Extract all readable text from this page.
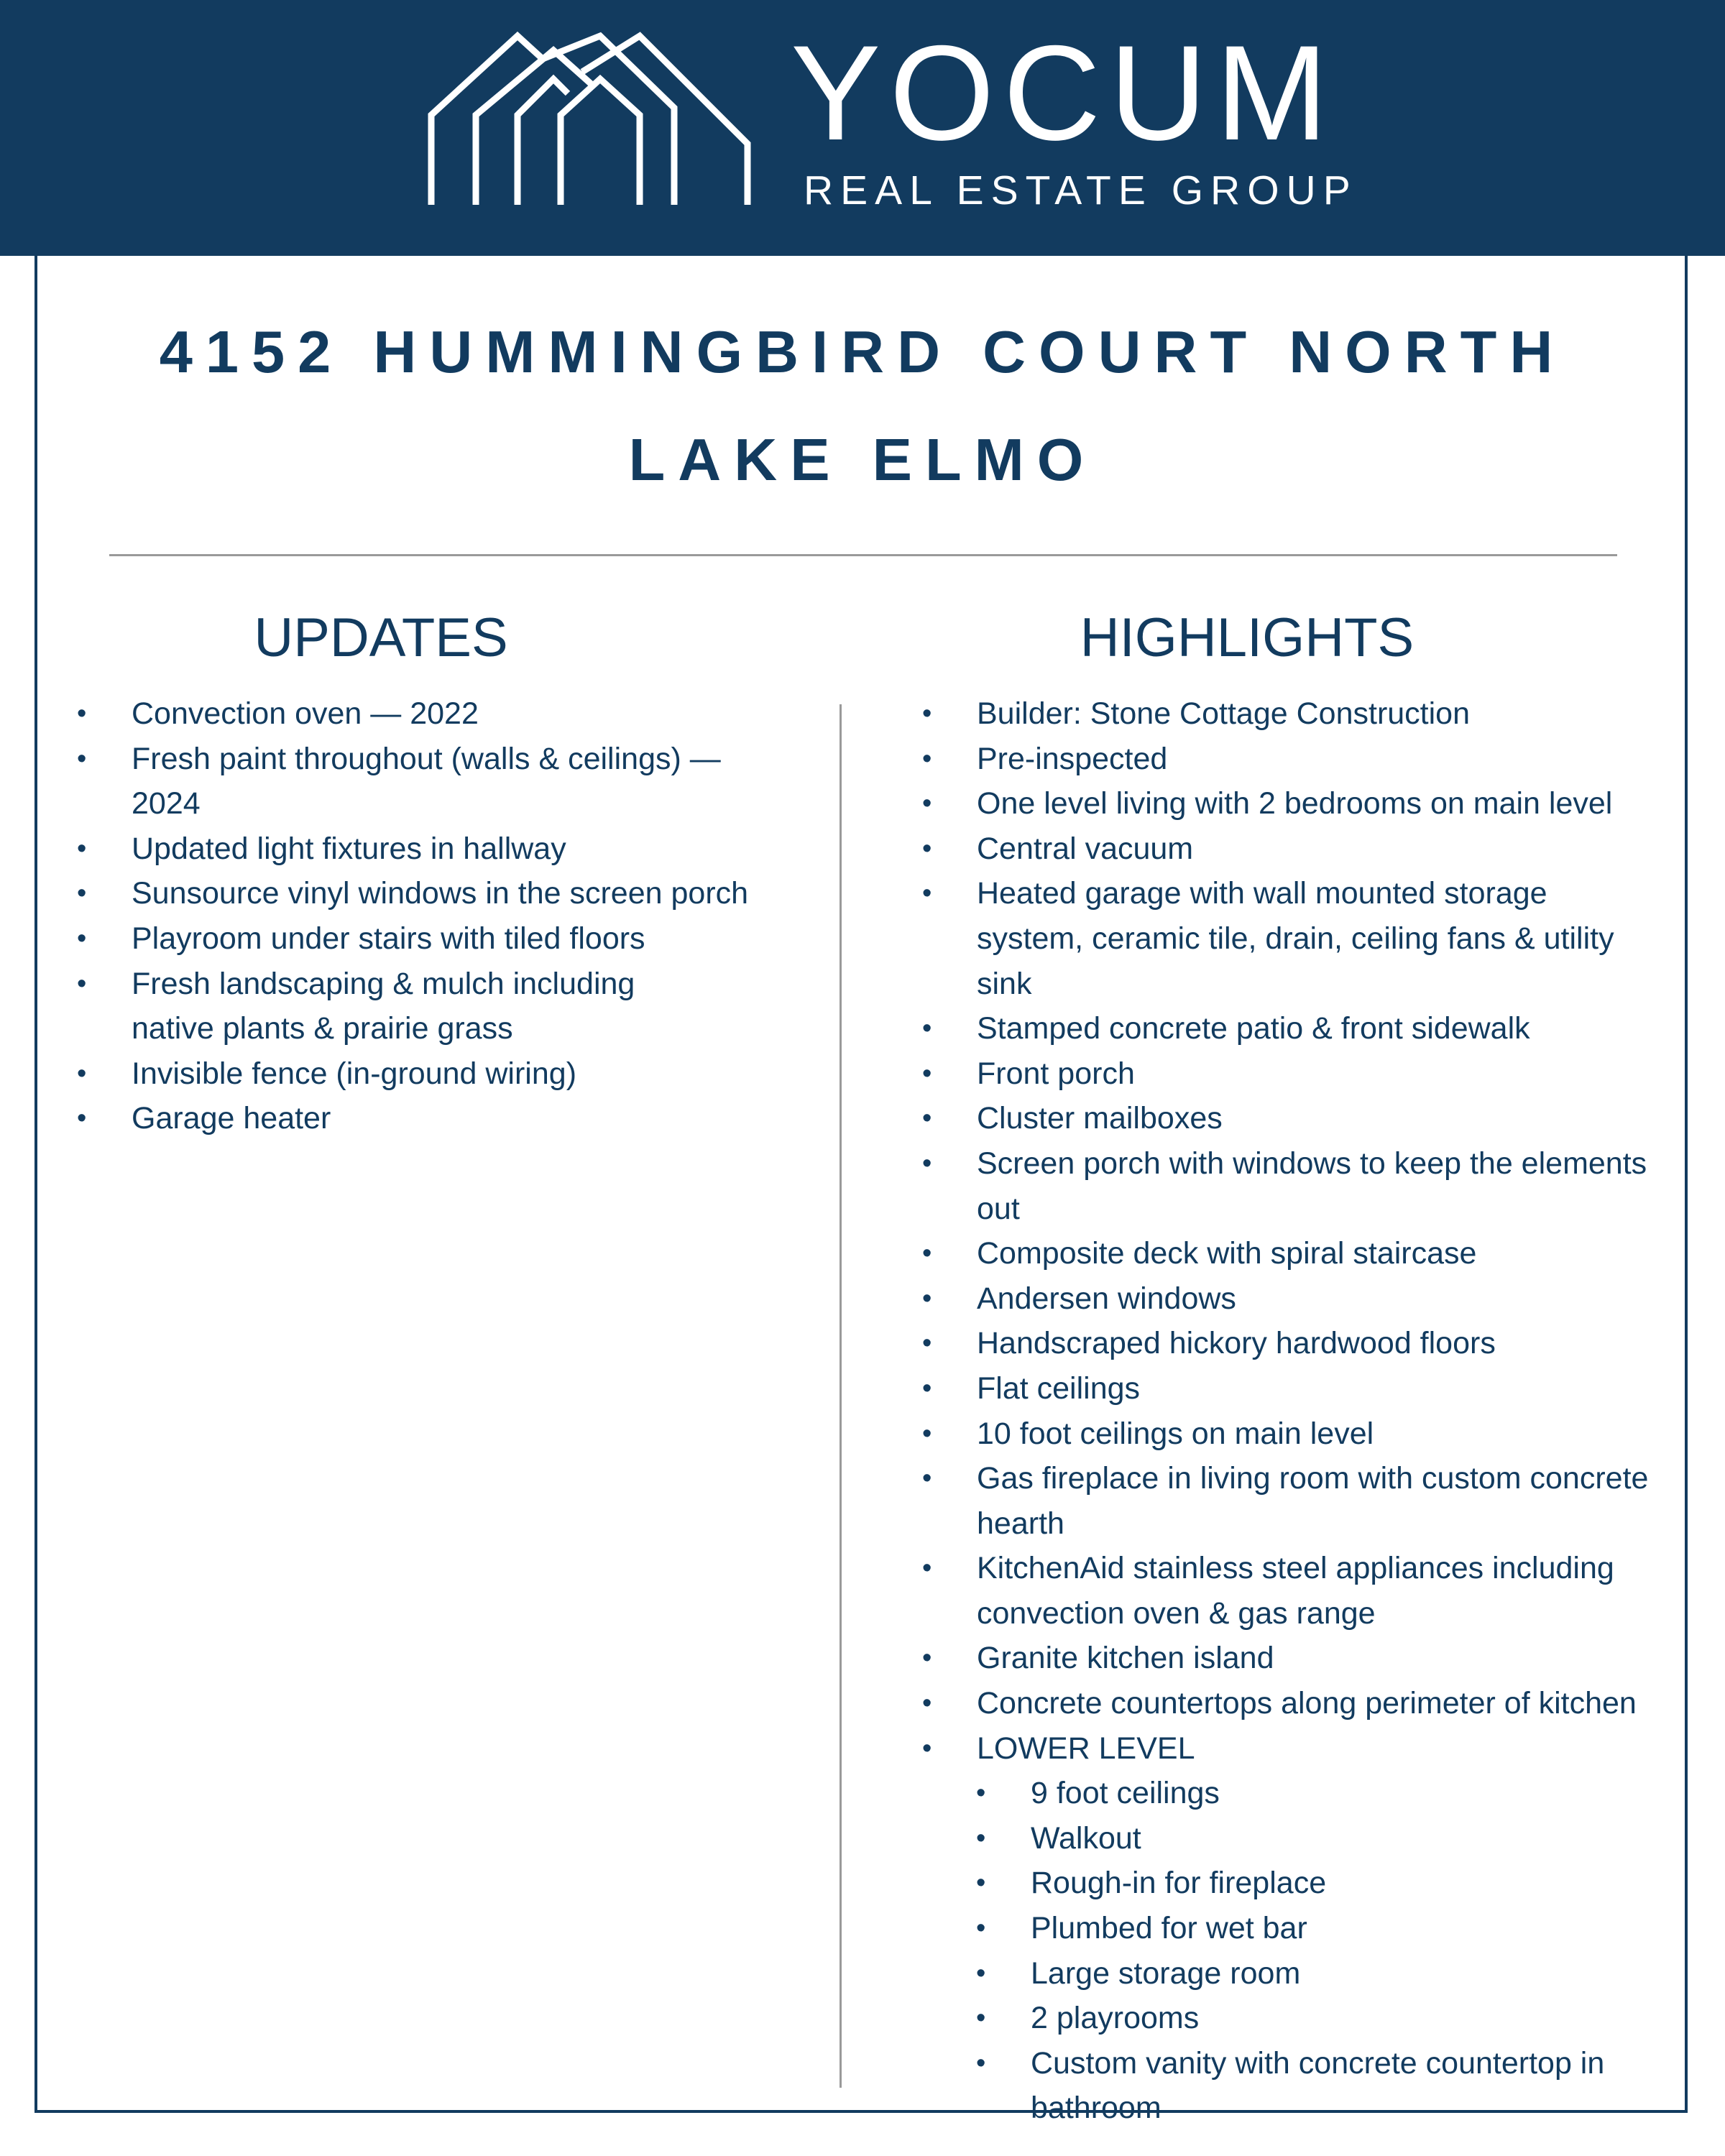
YOCUM
REAL ESTATE GROUP
4152 HUMMINGBIRD COURT NORTH
LAKE ELMO
UPDATES	HIGHLIGHTS
• Convection oven — 2022
• Fresh paint throughout (walls & ceilings) — 2024
• Updated light fixtures in hallway
• Sunsource vinyl windows in the screen porch
• Playroom under stairs with tiled floors
• Fresh landscaping & mulch including native plants & prairie grass
• Invisible fence (in-ground wiring)
• Garage heater
• Builder: Stone Cottage Construction
• Pre-inspected
• One level living with 2 bedrooms on main level
• Central vacuum
• Heated garage with wall mounted storage system, ceramic tile, drain, ceiling fans & utility sink
• Stamped concrete patio & front sidewalk
• Front porch
• Cluster mailboxes
• Screen porch with windows to keep the elements out
• Composite deck with spiral staircase
• Andersen windows
• Handscraped hickory hardwood floors
• Flat ceilings
• 10 foot ceilings on main level
• Gas fireplace in living room with custom concrete hearth
• KitchenAid stainless steel appliances including convection oven & gas range
• Granite kitchen island
• Concrete countertops along perimeter of kitchen
• LOWER LEVEL
• 9 foot ceilings
• Walkout
• Rough-in for fireplace
• Plumbed for wet bar
• Large storage room
• 2 playrooms
• Custom vanity with concrete countertop in bathroom
